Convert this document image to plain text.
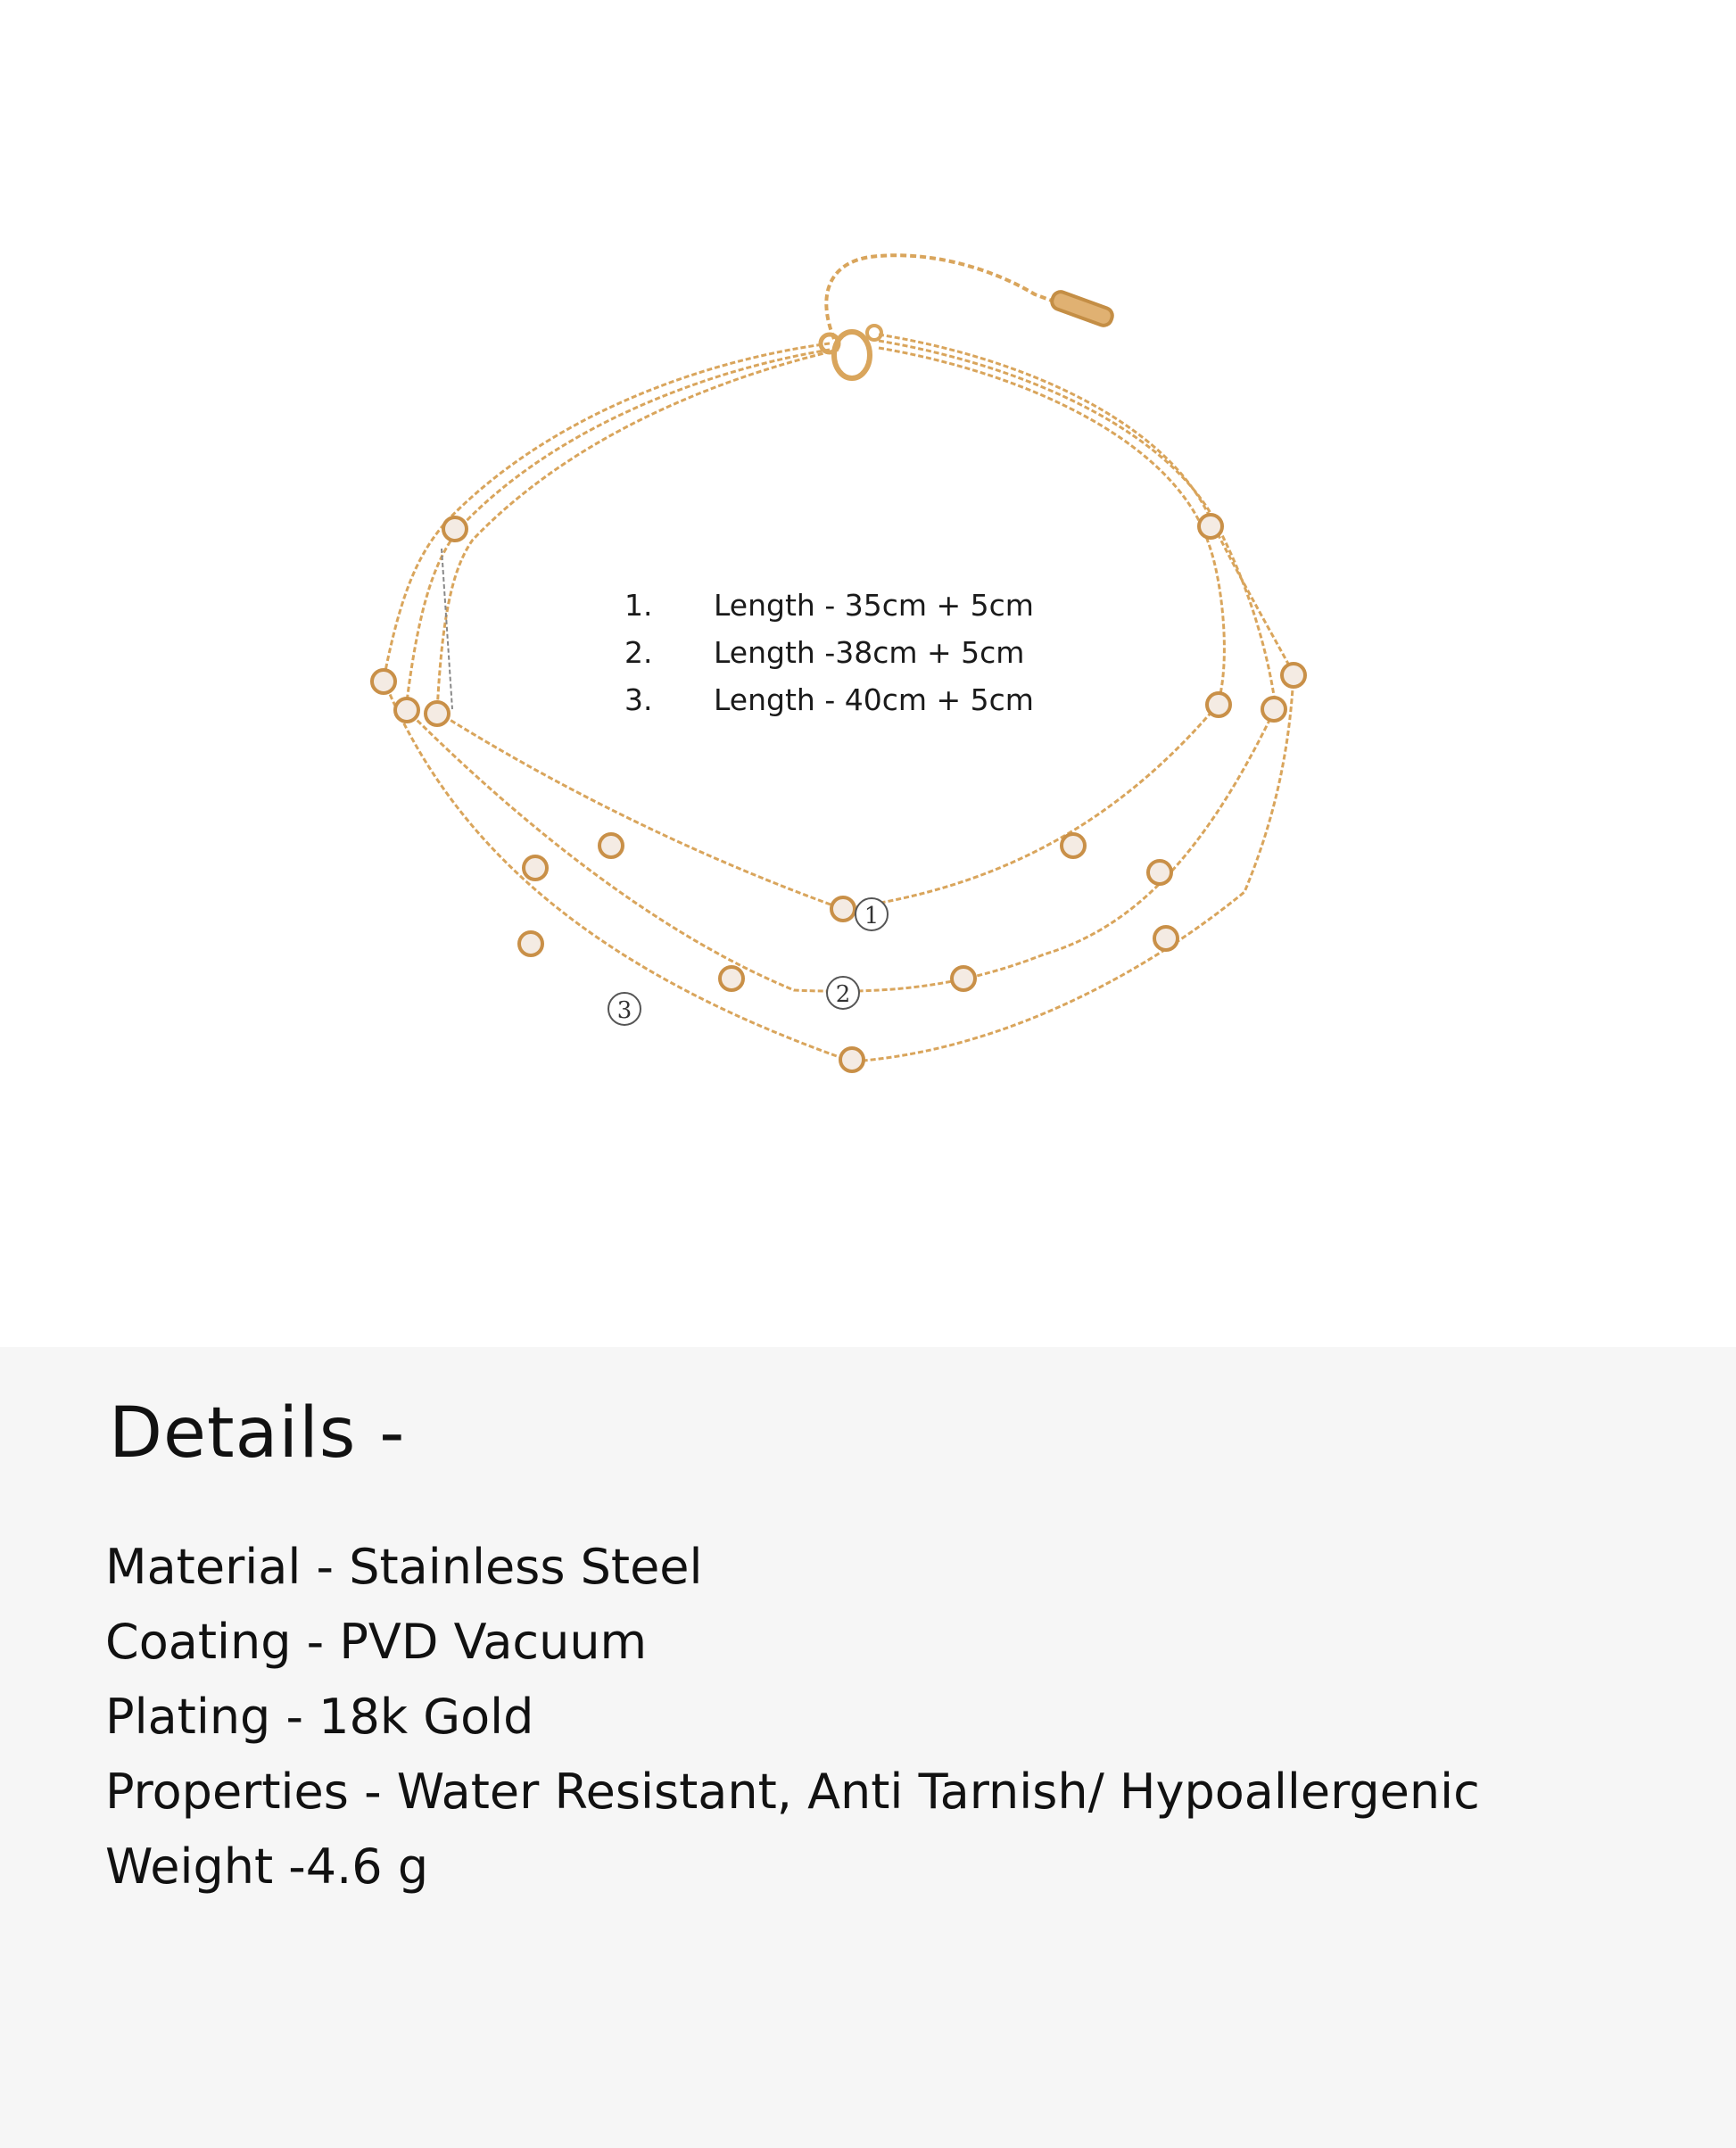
1
2
3
1.	Length - 35cm + 5cm
2.	Length -38cm + 5cm
3.	Length - 40cm + 5cm
Details -
Material - Stainless Steel
Coating - PVD Vacuum
Plating - 18k Gold
Properties - Water Resistant, Anti Tarnish/ Hypoallergenic
Weight -4.6 g
